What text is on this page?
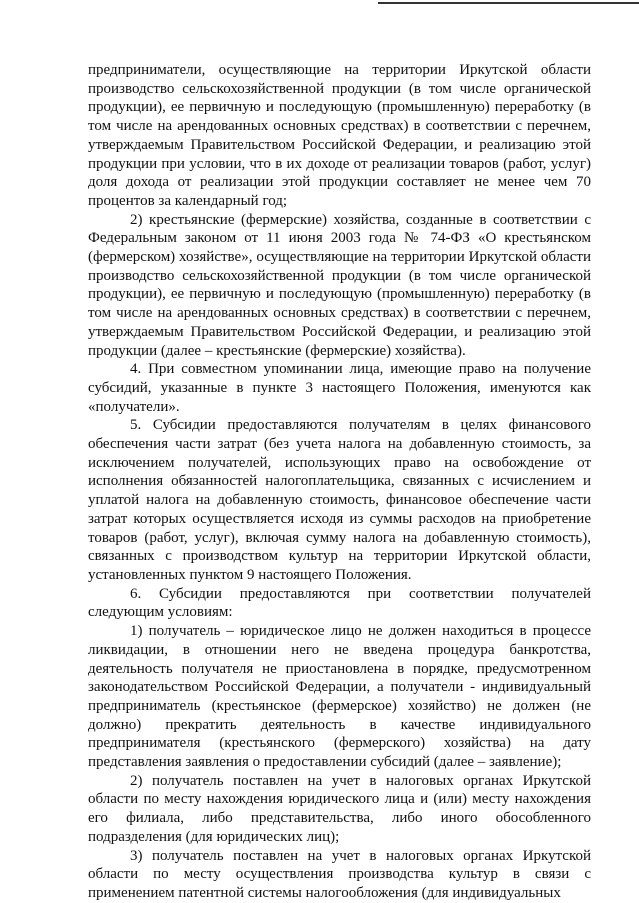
предприниматели, осуществляющие на территории Иркутской области производство сельскохозяйственной продукции (в том числе органической продукции), ее первичную и последующую (промышленную) переработку (в том числе на арендованных основных средствах) в соответствии с перечнем, утверждаемым Правительством Российской Федерации, и реализацию этой продукции при условии, что в их доходе от реализации товаров (работ, услуг) доля дохода от реализации этой продукции составляет не менее чем 70 процентов за календарный год;

2) крестьянские (фермерские) хозяйства, созданные в соответствии с Федеральным законом от 11 июня 2003 года № 74-ФЗ «О крестьянском (фермерском) хозяйстве», осуществляющие на территории Иркутской области производство сельскохозяйственной продукции (в том числе органической продукции), ее первичную и последующую (промышленную) переработку (в том числе на арендованных основных средствах) в соответствии с перечнем, утверждаемым Правительством Российской Федерации, и реализацию этой продукции (далее – крестьянские (фермерские) хозяйства).

4. При совместном упоминании лица, имеющие право на получение субсидий, указанные в пункте 3 настоящего Положения, именуются как «получатели».

5. Субсидии предоставляются получателям в целях финансового обеспечения части затрат (без учета налога на добавленную стоимость, за исключением получателей, использующих право на освобождение от исполнения обязанностей налогоплательщика, связанных с исчислением и уплатой налога на добавленную стоимость, финансовое обеспечение части затрат которых осуществляется исходя из суммы расходов на приобретение товаров (работ, услуг), включая сумму налога на добавленную стоимость), связанных с производством культур на территории Иркутской области, установленных пунктом 9 настоящего Положения.

6. Субсидии предоставляются при соответствии получателей следующим условиям:

1) получатель – юридическое лицо не должен находиться в процессе ликвидации, в отношении него не введена процедура банкротства, деятельность получателя не приостановлена в порядке, предусмотренном законодательством Российской Федерации, а получатели - индивидуальный предприниматель (крестьянское (фермерское) хозяйство) не должен (не должно) прекратить деятельность в качестве индивидуального предпринимателя (крестьянского (фермерского) хозяйства) на дату представления заявления о предоставлении субсидий (далее – заявление);

2) получатель поставлен на учет в налоговых органах Иркутской области по месту нахождения юридического лица и (или) месту нахождения его филиала, либо представительства, либо иного обособленного подразделения (для юридических лиц);

3) получатель поставлен на учет в налоговых органах Иркутской области по месту осуществления производства культур в связи с применением патентной системы налогообложения (для индивидуальных
